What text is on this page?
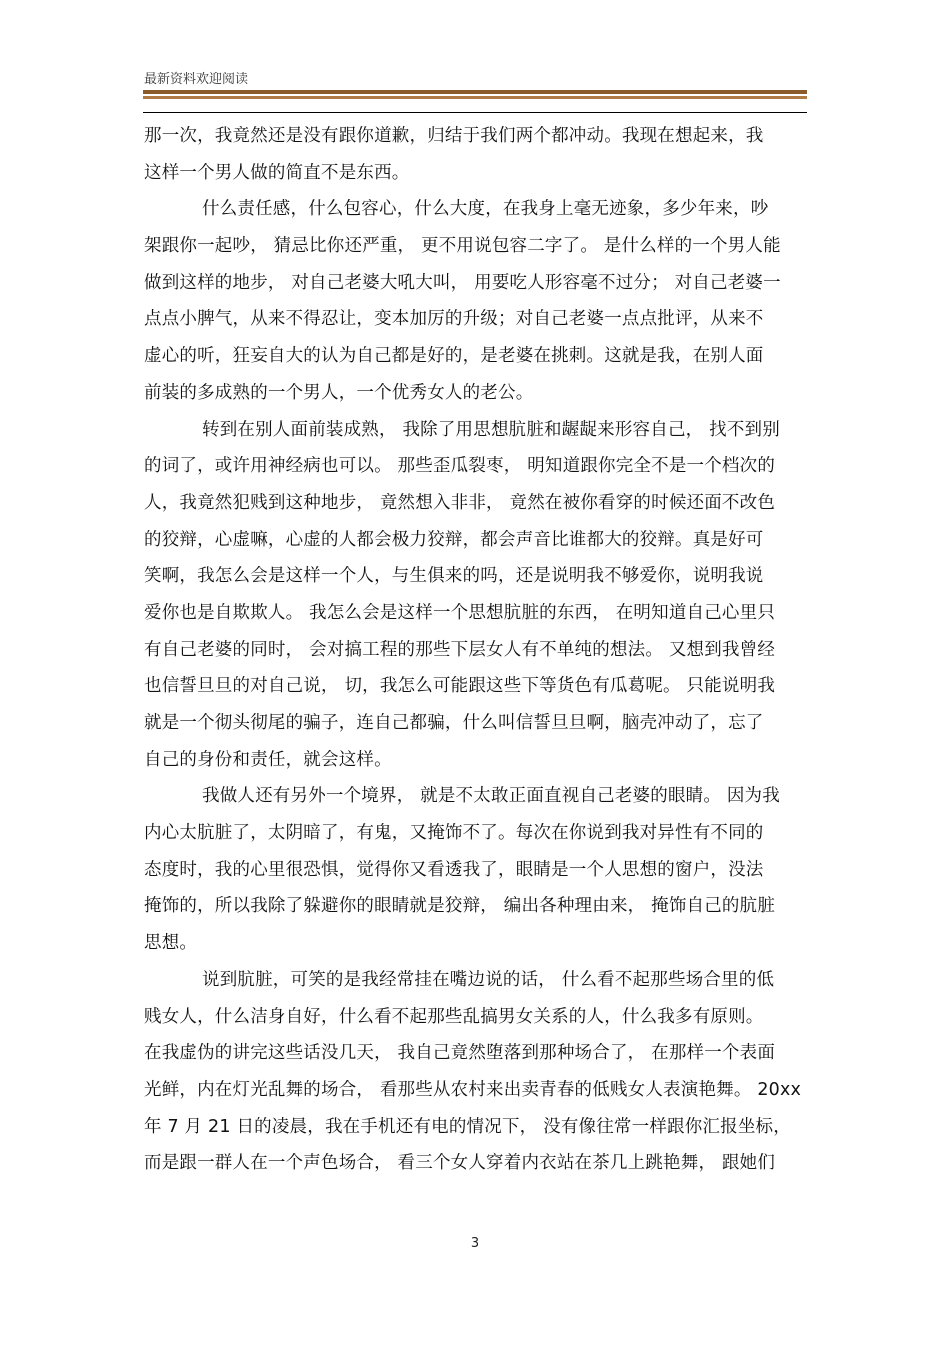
最新资料欢迎阅读
那一次，我竟然还是没有跟你道歉，归结于我们两个都冲动。我现在想起来，我
这样一个男人做的简直不是东西。
什么责任感，什么包容心，什么大度，在我身上毫无迹象，多少年来，吵
架跟你一起吵， 猜忌比你还严重， 更不用说包容二字了。 是什么样的一个男人能
做到这样的地步， 对自己老婆大吼大叫， 用要吃人形容毫不过分； 对自己老婆一
点点小脾气，从来不得忍让，变本加厉的升级；对自己老婆一点点批评，从来不
虚心的听，狂妄自大的认为自己都是好的，是老婆在挑刺。这就是我，在别人面
前装的多成熟的一个男人，一个优秀女人的老公。
转到在别人面前装成熟， 我除了用思想肮脏和龌龊来形容自己， 找不到别
的词了，或许用神经病也可以。 那些歪瓜裂枣， 明知道跟你完全不是一个档次的
人，我竟然犯贱到这种地步， 竟然想入非非， 竟然在被你看穿的时候还面不改色
的狡辩，心虚嘛，心虚的人都会极力狡辩，都会声音比谁都大的狡辩。真是好可
笑啊，我怎么会是这样一个人，与生俱来的吗，还是说明我不够爱你，说明我说
爱你也是自欺欺人。 我怎么会是这样一个思想肮脏的东西， 在明知道自己心里只
有自己老婆的同时， 会对搞工程的那些下层女人有不单纯的想法。 又想到我曾经
也信誓旦旦的对自己说， 切，我怎么可能跟这些下等货色有瓜葛呢。 只能说明我
就是一个彻头彻尾的骗子，连自己都骗，什么叫信誓旦旦啊，脑壳冲动了，忘了
自己的身份和责任，就会这样。
我做人还有另外一个境界， 就是不太敢正面直视自己老婆的眼睛。 因为我
内心太肮脏了，太阴暗了，有鬼，又掩饰不了。每次在你说到我对异性有不同的
态度时，我的心里很恐惧，觉得你又看透我了，眼睛是一个人思想的窗户，没法
掩饰的，所以我除了躲避你的眼睛就是狡辩， 编出各种理由来， 掩饰自己的肮脏
思想。
说到肮脏，可笑的是我经常挂在嘴边说的话， 什么看不起那些场合里的低
贱女人，什么洁身自好，什么看不起那些乱搞男女关系的人，什么我多有原则。
在我虚伪的讲完这些话没几天， 我自己竟然堕落到那种场合了， 在那样一个表面
光鲜，内在灯光乱舞的场合， 看那些从农村来出卖青春的低贱女人表演艳舞。 20xx
年 7 月 21 日的凌晨，我在手机还有电的情况下， 没有像往常一样跟你汇报坐标，
而是跟一群人在一个声色场合， 看三个女人穿着内衣站在茶几上跳艳舞， 跟她们
3
